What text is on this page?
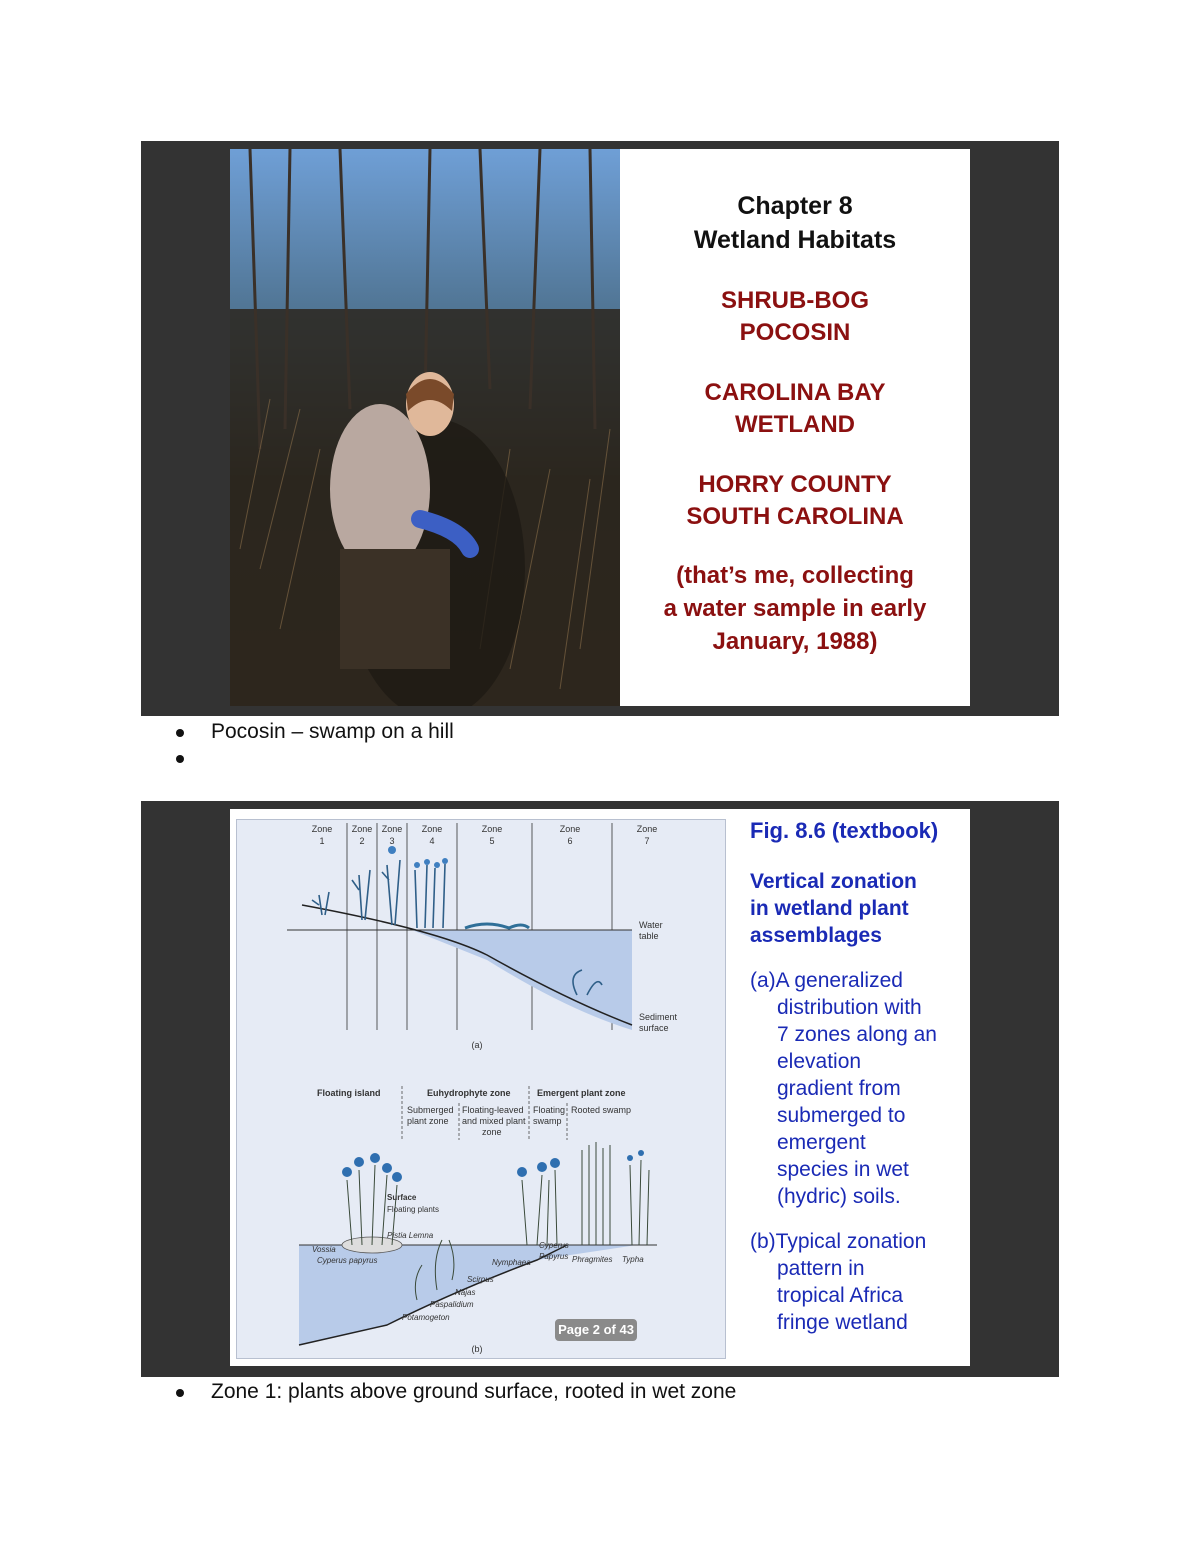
Chapter 8
Wetland Habitats
SHRUB-BOG
POCOSIN
CAROLINA BAY
WETLAND
HORRY COUNTY
SOUTH CAROLINA
(that’s me, collecting
a water sample in early
January, 1988)
Pocosin – swamp on a hill
Zone
1
Zone
2
Zone
3
Zone
4
Zone
5
Zone
6
Zone
7
Water
table
Sediment
surface
(a)
Floating island	Euhydrophyte zone	Emergent plant zone
Submerged
plant zone
Floating-leaved
and mixed plant
zone
Floating
swamp
Rooted swamp
Surface
Floating plants
Pistia Lemna
Vossia
Cyperus papyrus
Scirpus
Najas
Paspalidium
Potamogeton
Nymphaea
Cyperus
Papyrus Phragmites Typha
(b)
Page 2 of 43
Fig. 8.6 (textbook)
Vertical zonation
in wetland plant
assemblages
(a)A generalized
distribution with
7 zones along an
elevation
gradient from
submerged to
emergent
species in wet
(hydric) soils.
(b)Typical zonation
pattern in
tropical Africa
fringe wetland
Zone 1: plants above ground surface, rooted in wet zone
